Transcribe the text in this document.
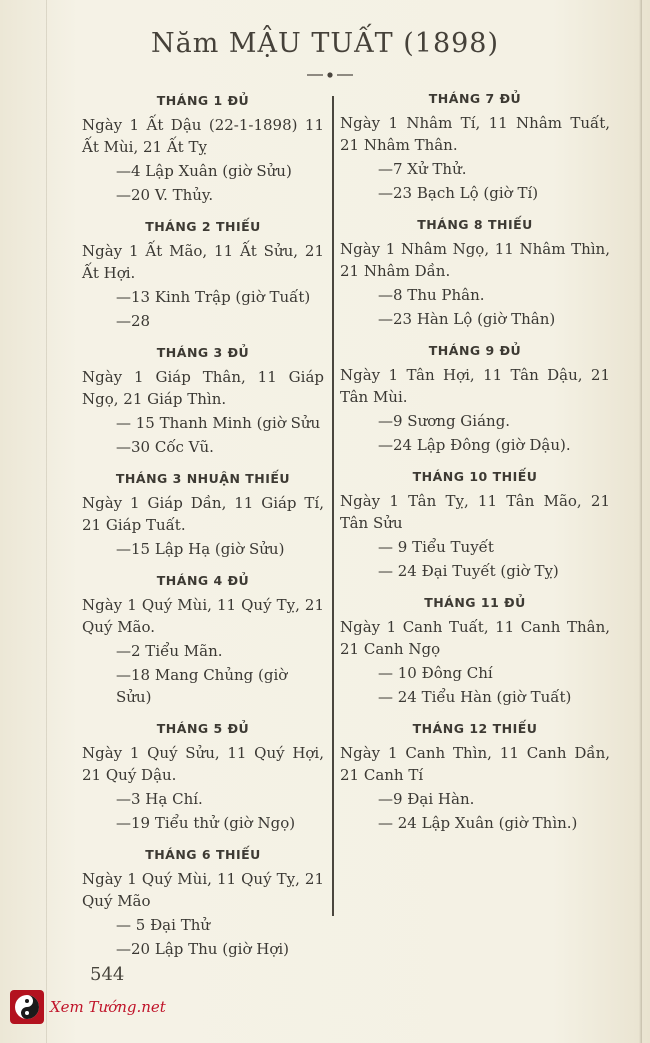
Năm MẬU TUẤT (1898)
THÁNG 1 ĐỦ

Ngày 1 Ất Dậu (22-1-1898) 11 Ất Mùi, 21 Ất Tỵ

—4 Lập Xuân (giờ Sửu)
—20 V. Thủy.
THÁNG 2 THIẾU

Ngày 1 Ất Mão, 11 Ất Sửu, 21 Ất Hợi.

—13 Kinh Trập (giờ Tuất)
—28
THÁNG 3 ĐỦ

Ngày 1 Giáp Thân, 11 Giáp Ngọ, 21 Giáp Thìn.

— 15 Thanh Minh (giờ Sửu
—30 Cốc Vũ.
THÁNG 3 NHUẬN THIẾU

Ngày 1 Giáp Dần, 11 Giáp Tí, 21 Giáp Tuất.

—15 Lập Hạ (giờ Sửu)
THÁNG 4 ĐỦ

Ngày 1 Quý Mùi, 11 Quý Tỵ, 21 Quý Mão.

—2 Tiểu Mãn.
—18 Mang Chủng (giờ Sửu)
THÁNG 5 ĐỦ

Ngày 1 Quý Sửu, 11 Quý Hợi, 21 Quý Dậu.

—3 Hạ Chí.
—19 Tiểu thử (giờ Ngọ)
THÁNG 6 THIẾU

Ngày 1 Quý Mùi, 11 Quý Tỵ, 21 Quý Mão

— 5 Đại Thử
—20 Lập Thu (giờ Hợi)
THÁNG 7 ĐỦ

Ngày 1 Nhâm Tí, 11 Nhâm Tuất, 21 Nhâm Thân.

—7 Xử Thử.
—23 Bạch Lộ (giờ Tí)
THÁNG 8 THIẾU

Ngày 1 Nhâm Ngọ, 11 Nhâm Thìn, 21 Nhâm Dần.

—8 Thu Phân.
—23 Hàn Lộ (giờ Thân)
THÁNG 9 ĐỦ

Ngày 1 Tân Hợi, 11 Tân Dậu, 21 Tân Mùi.

—9 Sương Giáng.
—24 Lập Đông (giờ Dậu).
THÁNG 10 THIẾU

Ngày 1 Tân Tỵ, 11 Tân Mão, 21 Tân Sửu

— 9 Tiểu Tuyết
— 24 Đại Tuyết (giờ Tỵ)
THÁNG 11 ĐỦ

Ngày 1 Canh Tuất, 11 Canh Thân, 21 Canh Ngọ

— 10 Đông Chí
— 24 Tiểu Hàn (giờ Tuất)
THÁNG 12 THIẾU

Ngày 1 Canh Thìn, 11 Canh Dần, 21 Canh Tí

—9 Đại Hàn.
— 24 Lập Xuân (giờ Thìn.)
544
Xem Tướng.net
